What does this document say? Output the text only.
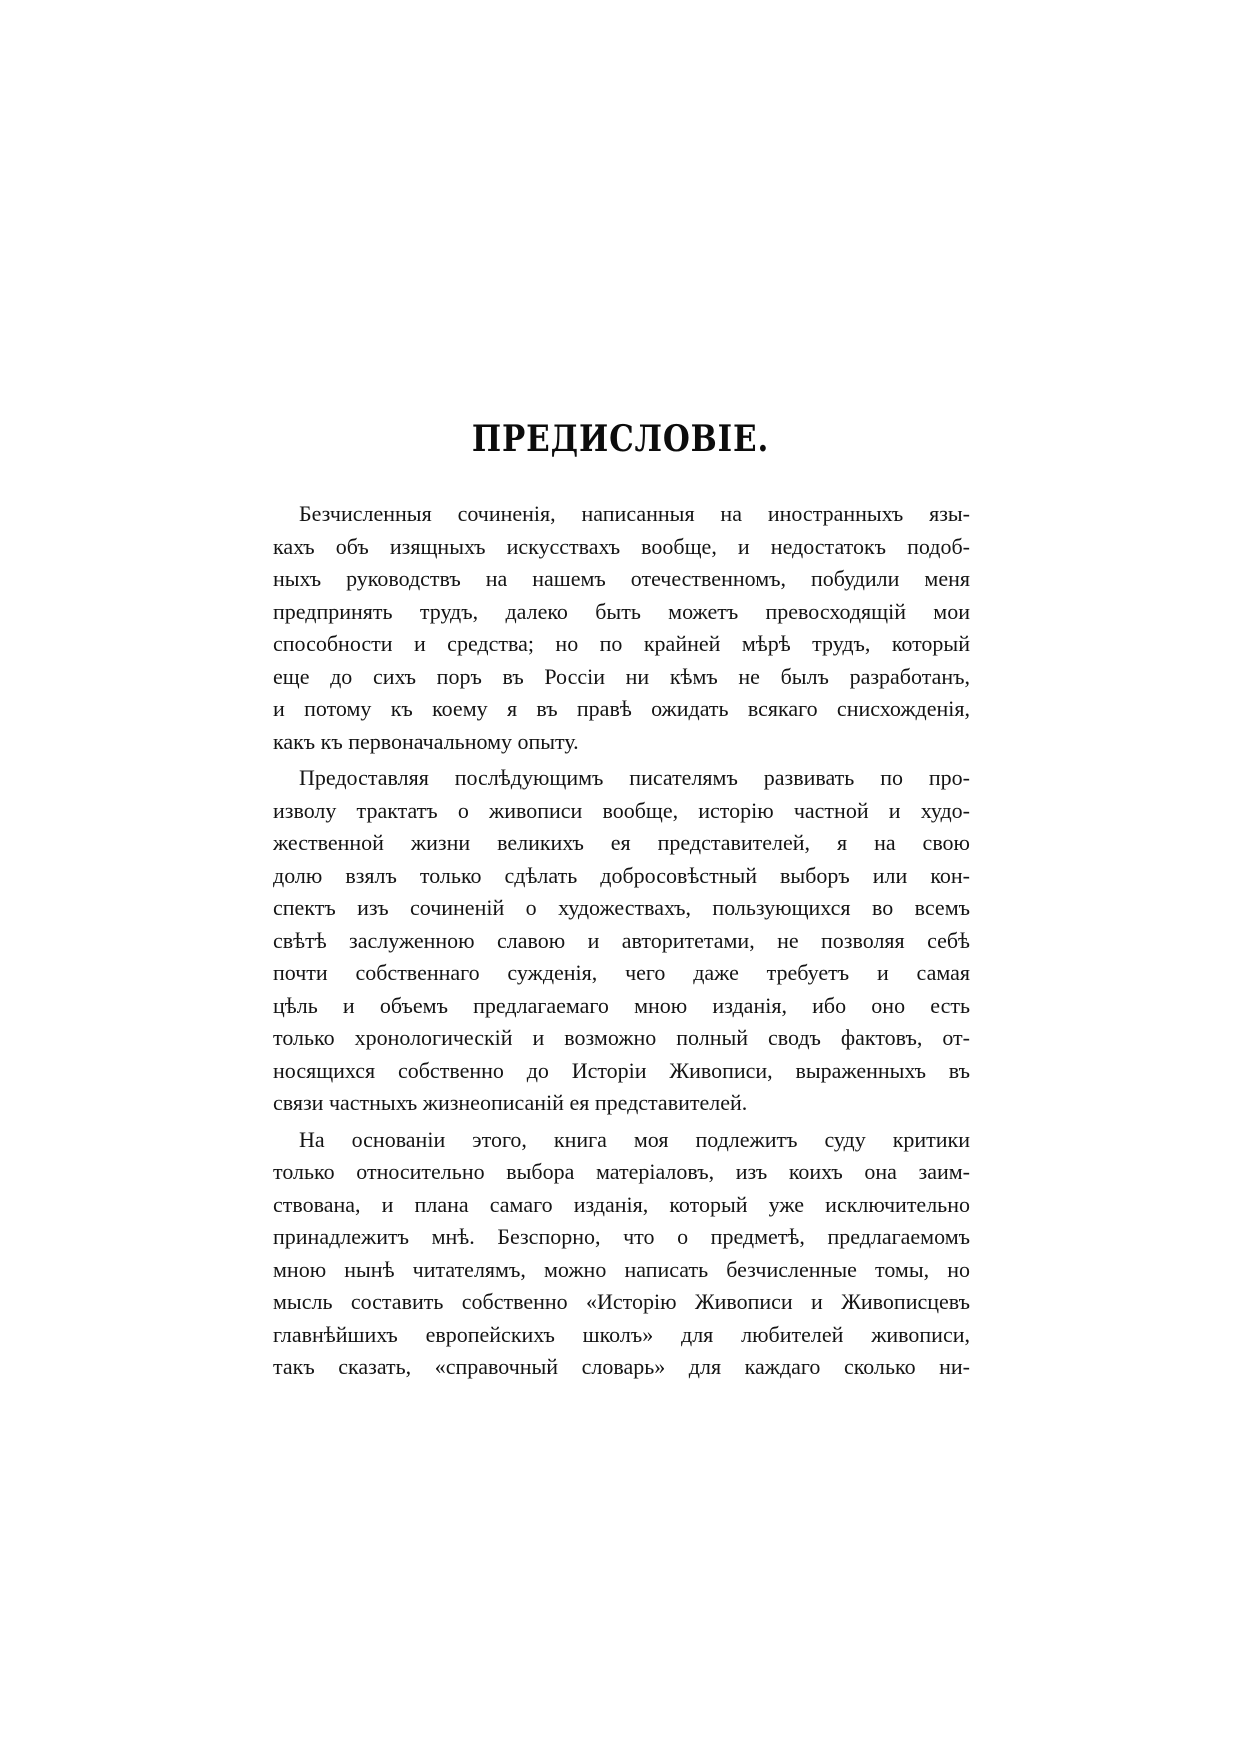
ПРЕДИСЛОВІЕ.
Безчисленныя сочиненія, написанныя на иностранныхъ язы-
кахъ объ изящныхъ искусствахъ вообще, и недостатокъ подоб-
ныхъ руководствъ на нашемъ отечественномъ, побудили меня
предпринять трудъ, далеко быть можетъ превосходящій мои
способности и средства; но по крайней мѣрѣ трудъ, который
еще до сихъ поръ въ Россіи ни кѣмъ не былъ разработанъ,
и потому къ коему я въ правѣ ожидать всякаго снисхожденія,
какъ къ первоначальному опыту.
Предоставляя послѣдующимъ писателямъ развивать по про-
изволу трактатъ о живописи вообще, исторію частной и худо-
жественной жизни великихъ ея представителей, я на свою
долю взялъ только сдѣлать добросовѣстный выборъ или кон-
спектъ изъ сочиненій о художествахъ, пользующихся во всемъ
свѣтѣ заслуженною славою и авторитетами, не позволяя себѣ
почти собственнаго сужденія, чего даже требуетъ и самая
цѣль и объемъ предлагаемаго мною изданія, ибо оно есть
только хронологическій и возможно полный сводъ фактовъ, от-
носящихся собственно до Исторіи Живописи, выраженныхъ въ
связи частныхъ жизнеописаній ея представителей.
На основаніи этого, книга моя подлежитъ суду критики
только относительно выбора матеріаловъ, изъ коихъ она заим-
ствована, и плана самаго изданія, который уже исключительно
принадлежитъ мнѣ. Безспорно, что о предметѣ, предлагаемомъ
мною нынѣ читателямъ, можно написать безчисленные томы, но
мысль составить собственно «Исторію Живописи и Живописцевъ
главнѣйшихъ европейскихъ школъ» для любителей живописи,
такъ сказать, «справочный словарь» для каждаго сколько ни-
